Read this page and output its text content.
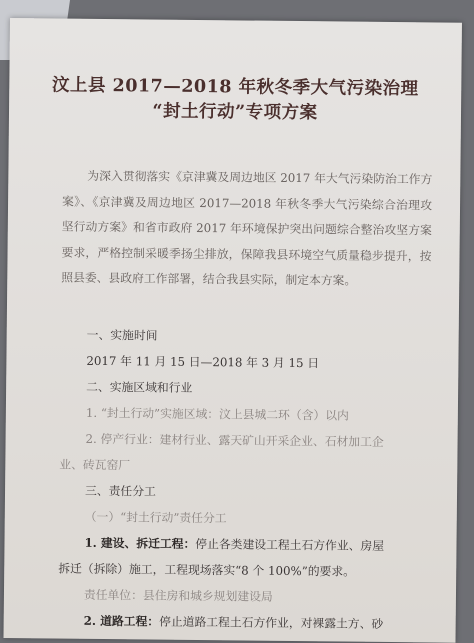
汶上县 2017—2018 年秋冬季大气污染治理
“封土行动”专项方案
为深入贯彻落实《京津冀及周边地区 2017 年大气污染防治工作方案》、《京津冀及周边地区 2017—2018 年秋冬季大气污染综合治理攻坚行动方案》和省市政府 2017 年环境保护突出问题综合整治攻坚方案要求，严格控制采暖季扬尘排放，保障我县环境空气质量稳步提升，按照县委、县政府工作部署，结合我县实际，制定本方案。
一、实施时间
2017 年 11 月 15 日—2018 年 3 月 15 日
二、实施区域和行业
1. “封土行动”实施区域：汶上县城二环（含）以内
2. 停产行业：建材行业、露天矿山开采企业、石材加工企
业、砖瓦窑厂
三、责任分工
（一）“封土行动”责任分工
1. 建设、拆迁工程：停止各类建设工程土石方作业、房屋
拆迁（拆除）施工，工程现场落实“8 个 100%”的要求。
责任单位：县住房和城乡规划建设局
2. 道路工程：停止道路工程土石方作业，对裸露土方、砂
